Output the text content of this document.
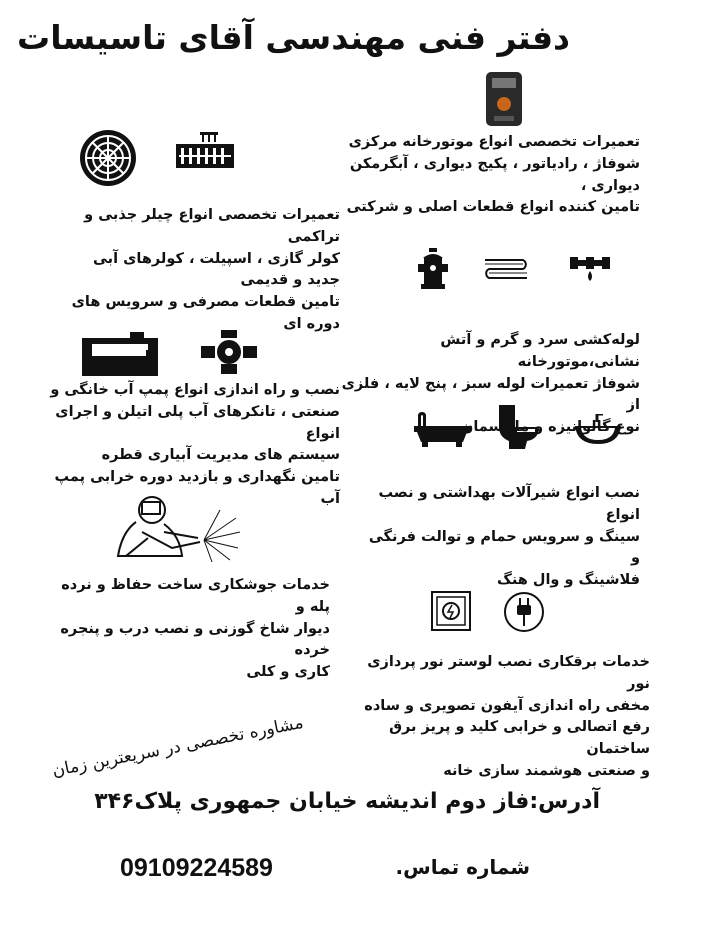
دفتر فنی مهندسی آقای تاسیسات
تعمیرات تخصصی انواع موتورخانه مرکزی
شوفاژ ، رادیاتور ، پکیج دیواری ، آبگرمکن
دیواری ،
تامین کننده انواع قطعات اصلی و شرکتی
تعمیرات تخصصی انواع چیلر جذبی و تراکمی
کولر گازی ، اسپیلت ، کولرهای آبی
جدید و قدیمی
تامین قطعات مصرفی و سرویس های دوره ای
لوله‌کشی سرد و گرم و آتش نشانی،موتورخانه
شوفاژ تعمیرات لوله سبز ، پنج لایه ، فلزی از
نوع گالوانیزه و مانیسمان
نصب و راه اندازی انواع پمپ آب خانگی و
صنعتی ، تانکرهای آب پلی اتیلن و اجرای انواع
سیستم های مدیریت آبیاری قطره
تامین نگهداری و بازدید دوره خرابی پمپ آب	نصب انواع شیرآلات بهداشتی و نصب انواع
سینگ و سرویس حمام و توالت فرنگی و
فلاشینگ و وال هنگ
خدمات جوشکاری ساخت حفاظ و نرده پله و
دیوار شاخ گوزنی و نصب درب و پنجره خرده
کاری و کلی
خدمات برقکاری نصب لوستر نور پردازی نور
مخفی راه اندازی آیفون تصویری و ساده
رفع اتصالی و خرابی کلید و پریز برق ساختمان
و صنعتی هوشمند سازی خانه
مشاوره تخصصی در سریعترین زمان
آدرس:فاز دوم اندیشه خیابان جمهوری پلاک۳۴۶
شماره تماس.
09109224589
